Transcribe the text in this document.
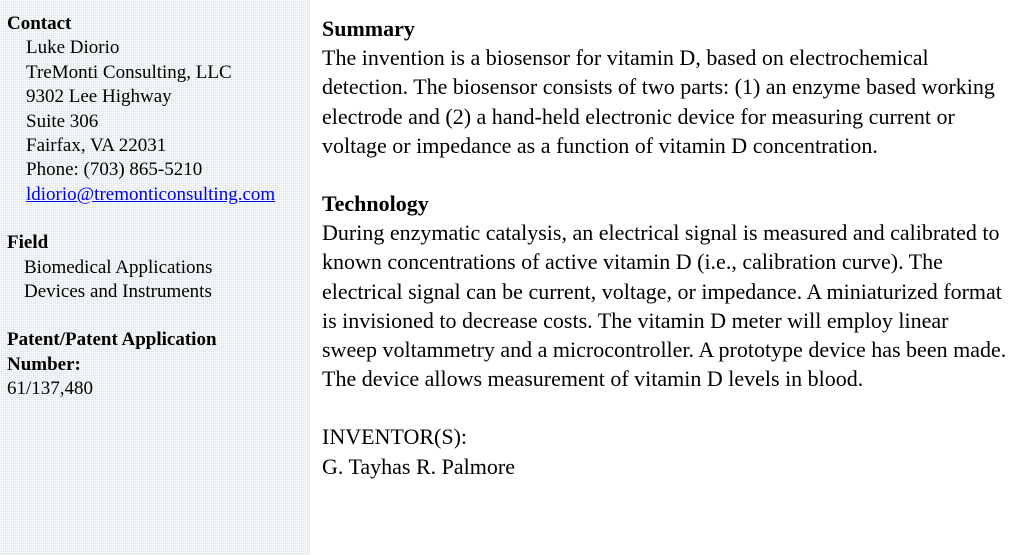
Contact
Luke Diorio
TreMonti Consulting, LLC
9302 Lee Highway
Suite 306
Fairfax, VA 22031
Phone: (703) 865-5210
ldiorio@tremonticonsulting.com
Field
Biomedical Applications
Devices and Instruments
Patent/Patent Application Number:
61/137,480
Summary
The invention is a biosensor for vitamin D, based on electrochemical detection. The biosensor consists of two parts: (1) an enzyme based working electrode and (2) a hand-held electronic device for measuring current or voltage or impedance as a function of vitamin D concentration.
Technology
During enzymatic catalysis, an electrical signal is measured and calibrated to known concentrations of active vitamin D (i.e., calibration curve). The electrical signal can be current, voltage, or impedance. A miniaturized format is invisioned to decrease costs. The vitamin D meter will employ linear sweep voltammetry and a microcontroller. A prototype device has been made. The device allows measurement of vitamin D levels in blood.
INVENTOR(S):
G. Tayhas R. Palmore
